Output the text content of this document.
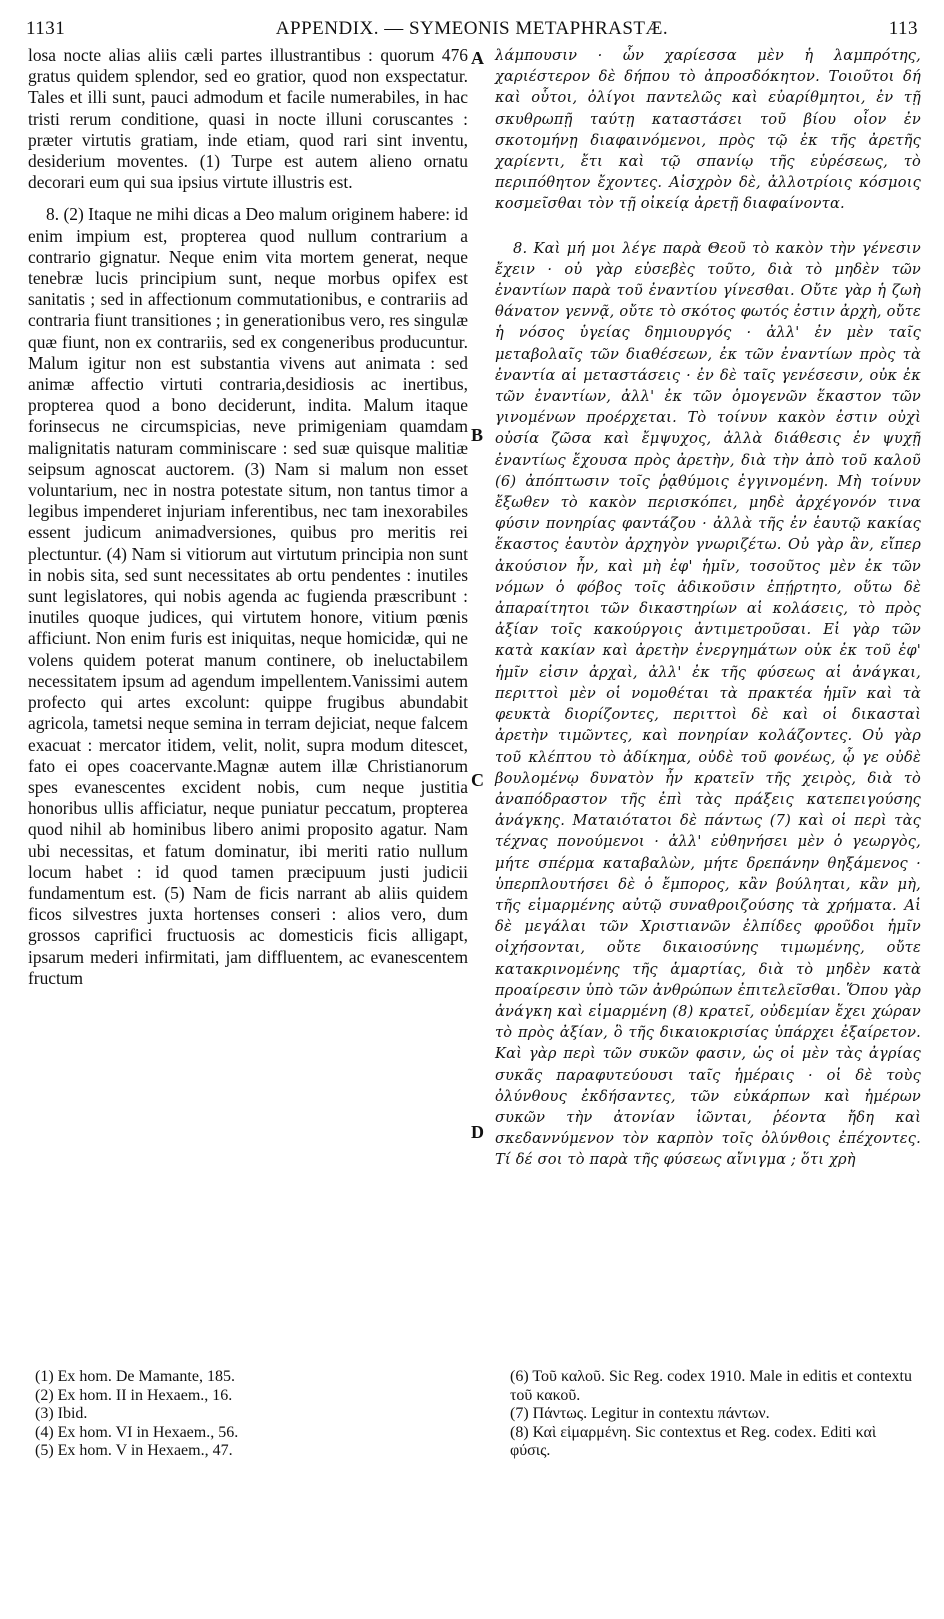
1131	APPENDIX. — SYMEONIS METAPHRASTÆ.	113

losa nocte alias aliis cæli partes illustrantibus : quorum 476 gratus quidem splendor, sed eo gratior, quod non exspectatur. Tales et illi sunt, pauci admodum et facile numerabiles, in hac tristi rerum conditione, quasi in nocte illuni coruscantes : præter virtutis gratiam, inde etiam, quod rari sint inventu, desiderium moventes. (1) Turpe est autem alieno ornatu decorari eum qui sua ipsius virtute illustris est.

8. (2) Itaque ne mihi dicas a Deo malum originem habere: id enim impium est, propterea quod nullum contrarium a contrario gignatur. Neque enim vita mortem generat, neque tenebræ lucis principium sunt, neque morbus opifex est sanitatis ; sed in affectionum commutationibus, e contrariis ad contraria fiunt transitiones ; in generationibus vero, res singulæ quæ fiunt, non ex contrariis, sed ex congeneribus producuntur. Malum igitur non est substantia vivens aut animata : sed animæ affectio virtuti contraria,desidiosis ac inertibus, propterea quod a bono deciderunt, indita. Malum itaque forinsecus ne circumspicias, neve primigeniam quamdam malignitatis naturam comminiscare : sed suæ quisque malitiæ seipsum agnoscat auctorem. (3) Nam si malum non esset voluntarium, nec in nostra potestate situm, non tantus timor a legibus impenderet injuriam inferentibus, nec tam inexorabiles essent judicum animadversiones, quibus pro meritis rei plectuntur. (4) Nam si vitiorum aut virtutum principia non sunt in nobis sita, sed sunt necessitates ab ortu pendentes : inutiles sunt legislatores, qui nobis agenda ac fugienda præscribunt : inutiles quoque judices, qui virtutem honore, vitium pœnis afficiunt. Non enim furis est iniquitas, neque homicidæ, qui ne volens quidem poterat manum continere, ob ineluctabilem necessitatem ipsum ad agendum impellentem.Vanissimi autem profecto qui artes excolunt: quippe frugibus abundabit agricola, tametsi neque semina in terram dejiciat, neque falcem exacuat : mercator itidem, velit, nolit, supra modum ditescet, fato ei opes coacervante.Magnæ autem illæ Christianorum spes evanescentes excident nobis, cum neque justitia honoribus ullis afficiatur, neque puniatur peccatum, propterea quod nihil ab hominibus libero animi proposito agatur. Nam ubi necessitas, et fatum dominatur, ibi meriti ratio nullum locum habet : id quod tamen præcipuum justi judicii fundamentum est. (5) Nam de ficis narrant ab aliis quidem ficos silvestres juxta hortenses conseri : alios vero, dum grossos caprifici fructuosis ac domesticis ficis alligapt, ipsarum mederi infirmitati, jam diffluentem, ac evanescentem fructum

A
B
C
D

λάμπουσιν · ὧν χαρίεσσα μὲν ἡ λαμπρότης, χαριέστερον δὲ δήπου τὸ ἀπροσδόκητον. Τοιοῦτοι δή καὶ οὗτοι, ὀλίγοι παντελῶς καὶ εὐαρίθμητοι, ἐν τῇ σκυθρωπῇ ταύτῃ καταστάσει τοῦ βίου οἷον ἐν σκοτομήνῃ διαφαινόμενοι, πρὸς τῷ ἐκ τῆς ἀρετῆς χαρίεντι, ἔτι καὶ τῷ σπανίῳ τῆς εὑρέσεως, τὸ περιπόθητον ἔχοντες. Αἰσχρὸν δὲ, ἀλλοτρίοις κόσμοις κοσμεῖσθαι τὸν τῇ οἰκείᾳ ἀρετῇ διαφαίνοντα.

8. Καὶ μή μοι λέγε παρὰ Θεοῦ τὸ κακὸν τὴν γένεσιν ἔχειν · οὐ γὰρ εὐσεβὲς τοῦτο, διὰ τὸ μηδὲν τῶν ἐναντίων παρὰ τοῦ ἐναντίου γίνεσθαι. Οὔτε γὰρ ἡ ζωὴ θάνατον γεννᾷ, οὔτε τὸ σκότος φωτός ἐστιν ἀρχὴ, οὔτε ἡ νόσος ὑγείας δημιουργός · ἀλλ' ἐν μὲν ταῖς μεταβολαῖς τῶν διαθέσεων, ἐκ τῶν ἐναντίων πρὸς τὰ ἐναντία αἱ μεταστάσεις · ἐν δὲ ταῖς γενέσεσιν, οὐκ ἐκ τῶν ἐναντίων, ἀλλ' ἐκ τῶν ὁμογενῶν ἕκαστον τῶν γινομένων προέρχεται. Τὸ τοίνυν κακὸν ἐστιν οὐχὶ οὐσία ζῶσα καὶ ἔμψυχος, ἀλλὰ διάθεσις ἐν ψυχῇ ἐναντίως ἔχουσα πρὸς ἀρετὴν, διὰ τὴν ἀπὸ τοῦ καλοῦ (6) ἀπόπτωσιν τοῖς ῥᾳθύμοις ἐγγινομένη. Μὴ τοίνυν ἔξωθεν τὸ κακὸν περισκόπει, μηδὲ ἀρχέγονόν τινα φύσιν πονηρίας φαντάζου · ἀλλὰ τῆς ἐν ἑαυτῷ κακίας ἕκαστος ἑαυτὸν ἀρχηγὸν γνωριζέτω. Οὐ γὰρ ἂν, εἴπερ ἀκούσιον ἦν, καὶ μὴ ἐφ' ἡμῖν, τοσοῦτος μὲν ἐκ τῶν νόμων ὁ φόβος τοῖς ἀδικοῦσιν ἐπῄρτητο, οὕτω δὲ ἀπαραίτητοι τῶν δικαστηρίων αἱ κολάσεις, τὸ πρὸς ἀξίαν τοῖς κακούργοις ἀντιμετροῦσαι. Εἰ γὰρ τῶν κατὰ κακίαν καὶ ἀρετὴν ἐνεργημάτων οὐκ ἐκ τοῦ ἐφ' ἡμῖν εἰσιν ἀρχαὶ, ἀλλ' ἐκ τῆς φύσεως αἱ ἀνάγκαι, περιττοὶ μὲν οἱ νομοθέται τὰ πρακτέα ἡμῖν καὶ τὰ φευκτὰ διορίζοντες, περιττοὶ δὲ καὶ οἱ δικασταὶ ἀρετὴν τιμῶντες, καὶ πονηρίαν κολάζοντες. Οὐ γὰρ τοῦ κλέπτου τὸ ἀδίκημα, οὐδὲ τοῦ φονέως, ᾧ γε οὐδὲ βουλομένῳ δυνατὸν ἦν κρατεῖν τῆς χειρὸς, διὰ τὸ ἀναπόδραστον τῆς ἐπὶ τὰς πράξεις κατεπειγούσης ἀνάγκης. Ματαιότατοι δὲ πάντως (7) καὶ οἱ περὶ τὰς τέχνας πονούμενοι · ἀλλ' εὐθηνήσει μὲν ὁ γεωργὸς, μήτε σπέρμα καταβαλὼν, μήτε δρεπάνην θηξάμενος · ὑπερπλουτήσει δὲ ὁ ἔμπορος, κἂν βούληται, κἂν μὴ, τῆς εἱμαρμένης αὐτῷ συναθροιζούσης τὰ χρήματα. Αἱ δὲ μεγάλαι τῶν Χριστιανῶν ἐλπίδες φροῦδοι ἡμῖν οἰχήσονται, οὔτε δικαιοσύνης τιμωμένης, οὔτε κατακρινομένης τῆς ἁμαρτίας, διὰ τὸ μηδὲν κατὰ προαίρεσιν ὑπὸ τῶν ἀνθρώπων ἐπιτελεῖσθαι. Ὅπου γὰρ ἀνάγκη καὶ εἱμαρμένη (8) κρατεῖ, οὐδεμίαν ἔχει χώραν τὸ πρὸς ἀξίαν, ὃ τῆς δικαιοκρισίας ὑπάρχει ἐξαίρετον. Καὶ γὰρ περὶ τῶν συκῶν φασιν, ὡς οἱ μὲν τὰς ἀγρίας συκᾶς παραφυτεύουσι ταῖς ἡμέραις · οἱ δὲ τοὺς ὀλύνθους ἐκδήσαντες, τῶν εὐκάρπων καὶ ἡμέρων συκῶν τὴν ἀτονίαν ἰῶνται, ῥέοντα ἤδη καὶ σκεδαννύμενον τὸν καρπὸν τοῖς ὀλύνθοις ἐπέχοντες. Τί δέ σοι τὸ παρὰ τῆς φύσεως αἴνιγμα ; ὅτι χρὴ

(1) Ex hom. De Mamante, 185.
(2) Ex hom. II in Hexaem., 16.
(3) Ibid.
(4) Ex hom. VI in Hexaem., 56.
(5) Ex hom. V in Hexaem., 47.
(6) Τοῦ καλοῦ. Sic Reg. codex 1910. Male in editis et contextu τοῦ κακοῦ.
(7) Πάντως. Legitur in contextu πάντων.
(8) Καὶ εἱμαρμένη. Sic contextus et Reg. codex. Editi καὶ φύσις.
